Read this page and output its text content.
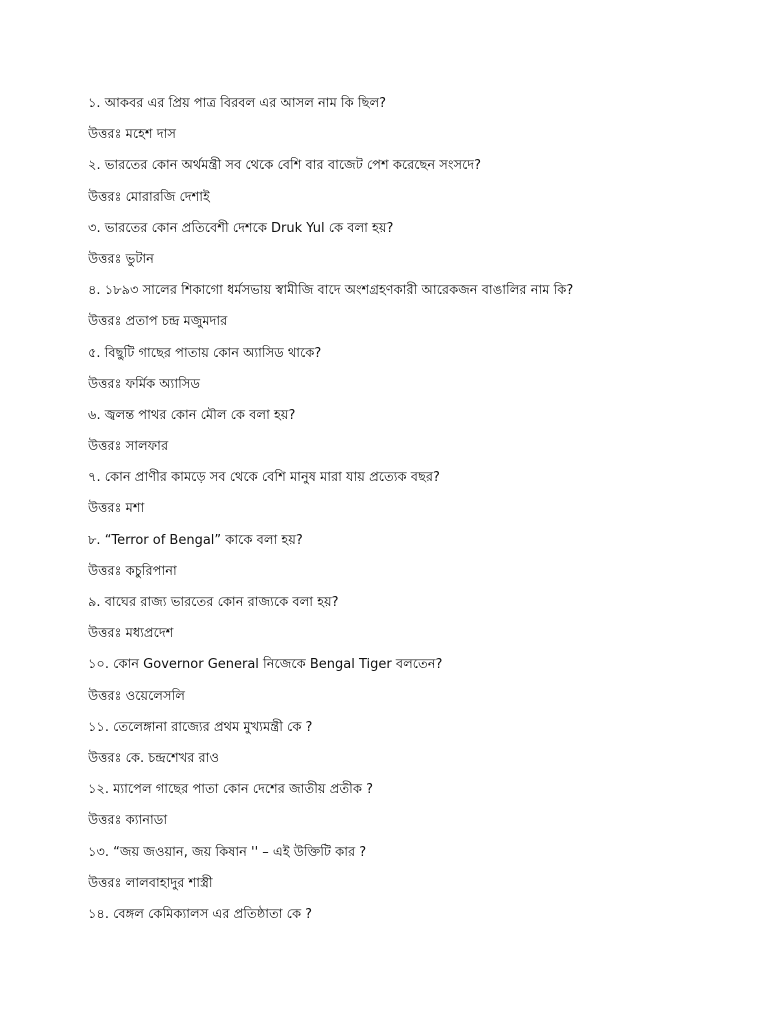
১. আকবর এর প্রিয় পাত্র বিরবল এর আসল নাম কি ছিল?
উত্তরঃ মহেশ দাস
২. ভারতের কোন অর্থমন্ত্রী সব থেকে বেশি বার বাজেট পেশ করেছেন সংসদে?
উত্তরঃ মোরারজি দেশাই
৩. ভারতের কোন প্রতিবেশী দেশকে Druk Yul কে বলা হয়?
উত্তরঃ ভুটান
৪. ১৮৯৩ সালের শিকাগো ধর্মসভায় স্বামীজি বাদে অংশগ্রহণকারী আরেকজন বাঙালির নাম কি?
উত্তরঃ প্রতাপ চন্দ্র মজুমদার
৫. বিছুটি গাছের পাতায় কোন অ্যাসিড থাকে?
উত্তরঃ ফর্মিক অ্যাসিড
৬. জ্বলন্ত পাথর কোন মৌল কে বলা হয়?
উত্তরঃ সালফার
৭. কোন প্রাণীর কামড়ে সব থেকে বেশি মানুষ মারা যায় প্রত্যেক বছর?
উত্তরঃ মশা
৮. “Terror of Bengal” কাকে বলা হয়?
উত্তরঃ কচুরিপানা
৯. বাঘের রাজ্য ভারতের কোন রাজ্যকে বলা হয়?
উত্তরঃ মধ্যপ্রদেশ
১০. কোন Governor General নিজেকে Bengal Tiger বলতেন?
উত্তরঃ ওয়েলেসলি
১১. তেলেঙ্গানা রাজ্যের প্রথম মুখ্যমন্ত্রী কে ?
উত্তরঃ কে. চন্দ্রশেখর রাও
১২. ম্যাপেল গাছের পাতা কোন দেশের জাতীয় প্রতীক ?
উত্তরঃ ক্যানাডা
১৩. “জয় জওয়ান, জয় কিষান '' – এই উক্তিটি কার ?
উত্তরঃ লালবাহাদুর শাস্ত্রী
১৪. বেঙ্গল কেমিক্যালস এর প্রতিষ্ঠাতা কে ?
